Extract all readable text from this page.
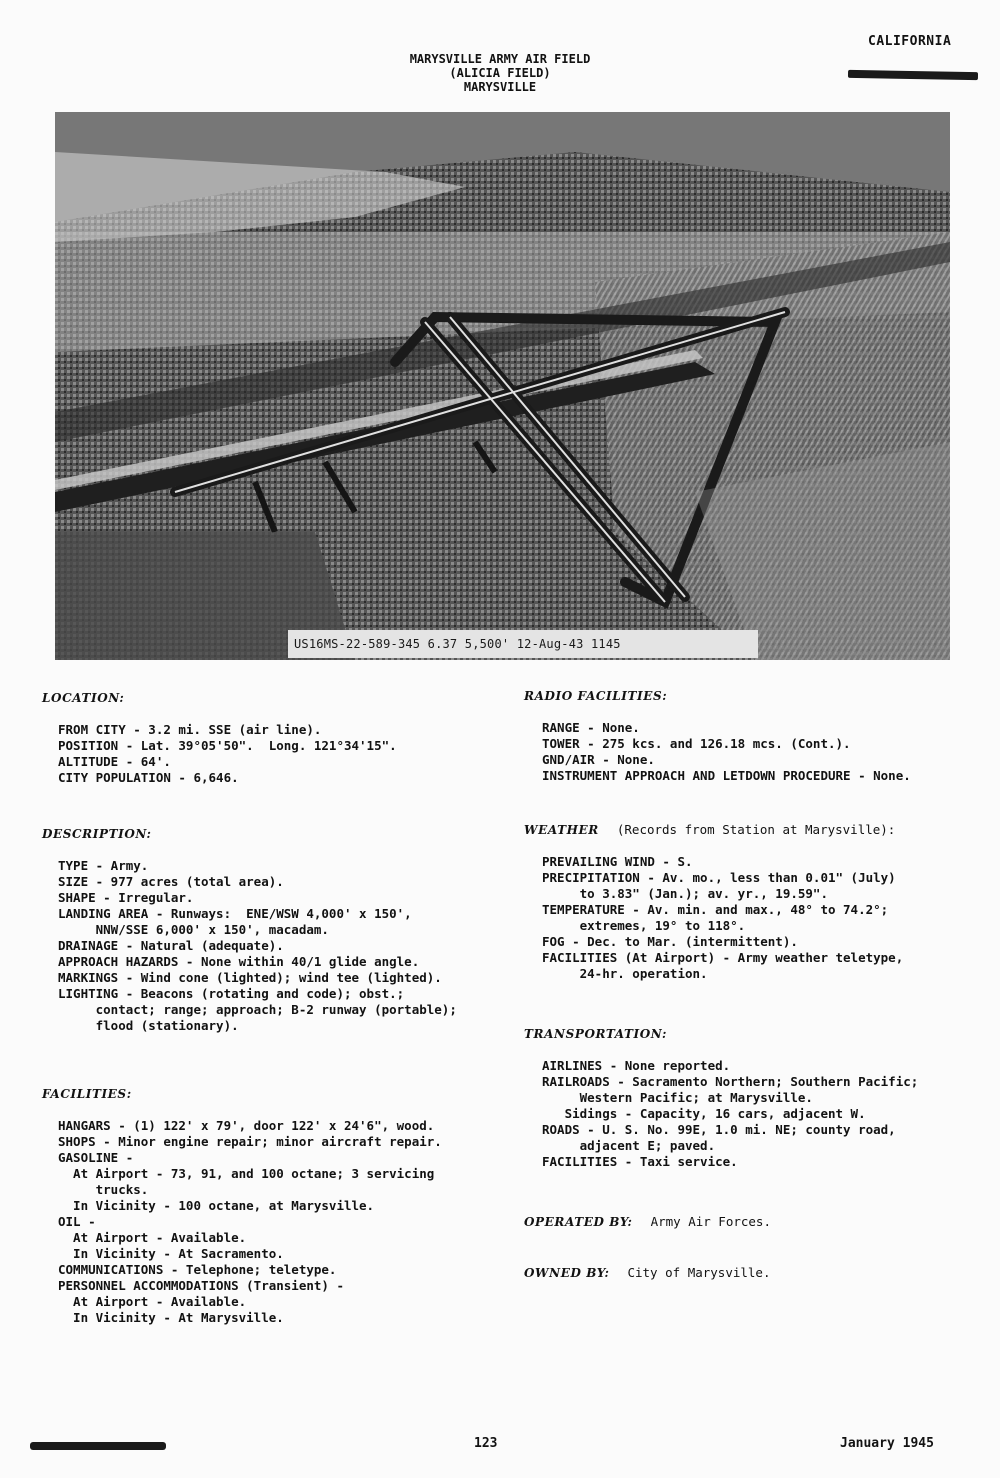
CALIFORNIA
MARYSVILLE ARMY AIR FIELD
(ALICIA FIELD)
MARYSVILLE
US16MS-22-589-345 6.37 5,500' 12-Aug-43 1145
LOCATION:
FROM CITY - 3.2 mi. SSE (air line).
POSITION - Lat. 39°05'50".  Long. 121°34'15".
ALTITUDE - 64'.
CITY POPULATION - 6,646.
DESCRIPTION:
TYPE - Army.
SIZE - 977 acres (total area).
SHAPE - Irregular.
LANDING AREA - Runways:  ENE/WSW 4,000' x 150',
NNW/SSE 6,000' x 150', macadam.
DRAINAGE - Natural (adequate).
APPROACH HAZARDS - None within 40/1 glide angle.
MARKINGS - Wind cone (lighted); wind tee (lighted).
LIGHTING - Beacons (rotating and code); obst.;
contact; range; approach; B-2 runway (portable);
flood (stationary).
FACILITIES:
HANGARS - (1) 122' x 79', door 122' x 24'6", wood.
SHOPS - Minor engine repair; minor aircraft repair.
GASOLINE -
At Airport - 73, 91, and 100 octane; 3 servicing
trucks.
In Vicinity - 100 octane, at Marysville.
OIL -
At Airport - Available.
In Vicinity - At Sacramento.
COMMUNICATIONS - Telephone; teletype.
PERSONNEL ACCOMMODATIONS (Transient) -
At Airport - Available.
In Vicinity - At Marysville.
RADIO FACILITIES:
RANGE - None.
TOWER - 275 kcs. and 126.18 mcs. (Cont.).
GND/AIR - None.
INSTRUMENT APPROACH AND LETDOWN PROCEDURE - None.
WEATHER (Records from Station at Marysville):
PREVAILING WIND - S.
PRECIPITATION - Av. mo., less than 0.01" (July)
to 3.83" (Jan.); av. yr., 19.59".
TEMPERATURE - Av. min. and max., 48° to 74.2°;
extremes, 19° to 118°.
FOG - Dec. to Mar. (intermittent).
FACILITIES (At Airport) - Army weather teletype,
24-hr. operation.
TRANSPORTATION:
AIRLINES - None reported.
RAILROADS - Sacramento Northern; Southern Pacific;
Western Pacific; at Marysville.
Sidings - Capacity, 16 cars, adjacent W.
ROADS - U. S. No. 99E, 1.0 mi. NE; county road,
adjacent E; paved.
FACILITIES - Taxi service.
OPERATED BY: Army Air Forces.
OWNED BY: City of Marysville.
123	January 1945
